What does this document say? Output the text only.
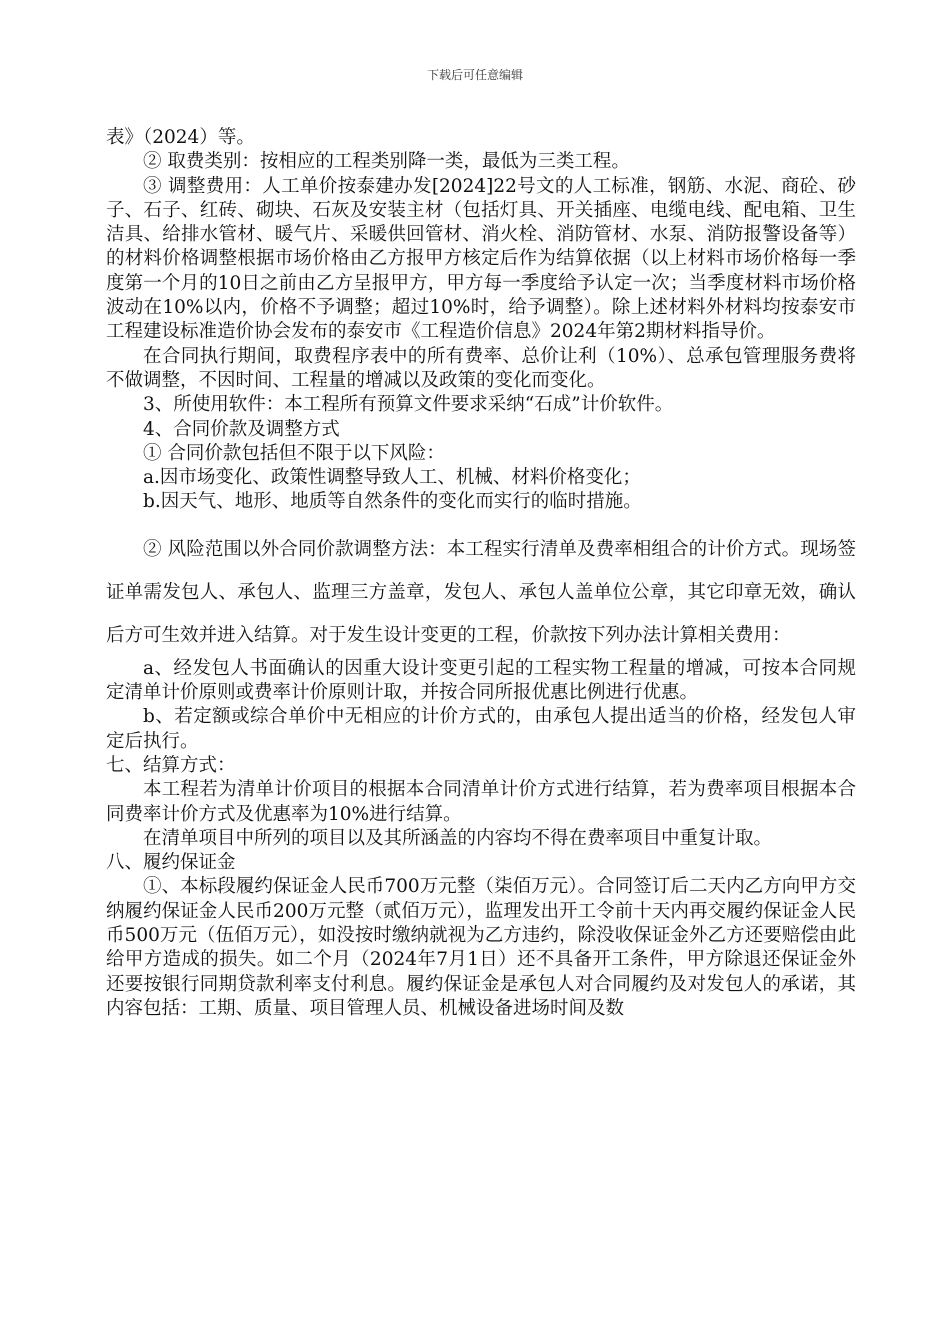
下载后可任意编辑

表》（2024）等。

② 取费类别：按相应的工程类别降一类，最低为三类工程。

③ 调整费用：人工单价按泰建办发[2024]22号文的人工标准，钢筋、水泥、商砼、砂子、石子、红砖、砌块、石灰及安装主材（包括灯具、开关插座、电缆电线、配电箱、卫生洁具、给排水管材、暖气片、采暖供回管材、消火栓、消防管材、水泵、消防报警设备等）的材料价格调整根据市场价格由乙方报甲方核定后作为结算依据（以上材料市场价格每一季度第一个月的10日之前由乙方呈报甲方，甲方每一季度给予认定一次；当季度材料市场价格波动在10%以内，价格不予调整；超过10%时，给予调整）。除上述材料外材料均按泰安市工程建设标准造价协会发布的泰安市《工程造价信息》2024年第2期材料指导价。

在合同执行期间，取费程序表中的所有费率、总价让利（10%）、总承包管理服务费将不做调整，不因时间、工程量的增减以及政策的变化而变化。

3、所使用软件：本工程所有预算文件要求采纳“石成”计价软件。

4、合同价款及调整方式

① 合同价款包括但不限于以下风险：

a.因市场变化、政策性调整导致人工、机械、材料价格变化；

b.因天气、地形、地质等自然条件的变化而实行的临时措施。

② 风险范围以外合同价款调整方法：本工程实行清单及费率相组合的计价方式。现场签证单需发包人、承包人、监理三方盖章，发包人、承包人盖单位公章，其它印章无效，确认后方可生效并进入结算。对于发生设计变更的工程，价款按下列办法计算相关费用：

a、经发包人书面确认的因重大设计变更引起的工程实物工程量的增减，可按本合同规定清单计价原则或费率计价原则计取，并按合同所报优惠比例进行优惠。

b、若定额或综合单价中无相应的计价方式的，由承包人提出适当的价格，经发包人审定后执行。

七、结算方式：

本工程若为清单计价项目的根据本合同清单计价方式进行结算，若为费率项目根据本合同费率计价方式及优惠率为10%进行结算。

在清单项目中所列的项目以及其所涵盖的内容均不得在费率项目中重复计取。

八、履约保证金

①、本标段履约保证金人民币700万元整（柒佰万元）。合同签订后二天内乙方向甲方交纳履约保证金人民币200万元整（贰佰万元），监理发出开工令前十天内再交履约保证金人民币500万元（伍佰万元），如没按时缴纳就视为乙方违约，除没收保证金外乙方还要赔偿由此给甲方造成的损失。如二个月（2024年7月1日）还不具备开工条件，甲方除退还保证金外还要按银行同期贷款利率支付利息。履约保证金是承包人对合同履约及对发包人的承诺，其内容包括：工期、质量、项目管理人员、机械设备进场时间及数
